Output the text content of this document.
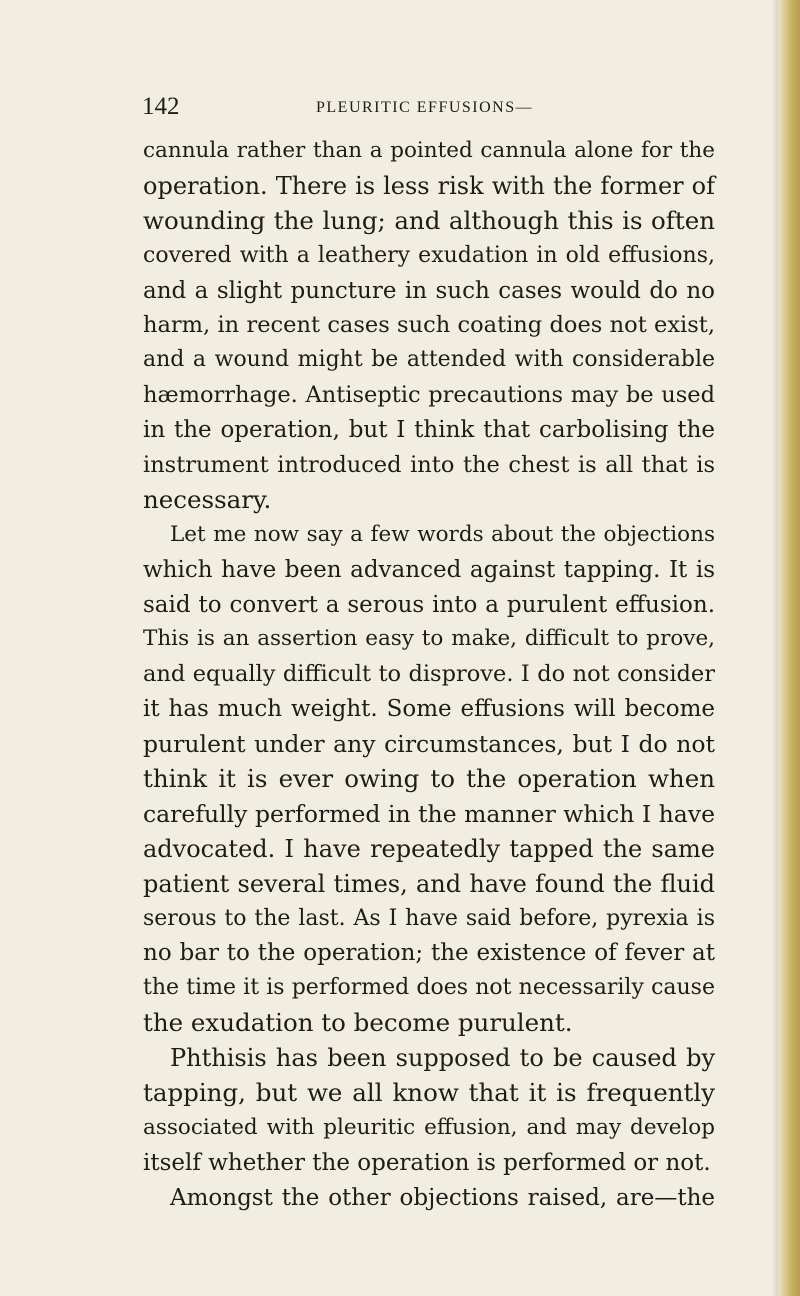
142	PLEURITIC EFFUSIONS—
cannula rather than a pointed cannula alone for the
operation. There is less risk with the former of
wounding the lung; and although this is often
covered with a leathery exudation in old effusions,
and a slight puncture in such cases would do no
harm, in recent cases such coating does not exist,
and a wound might be attended with considerable
hæmorrhage. Antiseptic precautions may be used
in the operation, but I think that carbolising the
instrument introduced into the chest is all that is
necessary.
Let me now say a few words about the objections
which have been advanced against tapping. It is
said to convert a serous into a purulent effusion.
This is an assertion easy to make, difficult to prove,
and equally difficult to disprove. I do not consider
it has much weight. Some effusions will become
purulent under any circumstances, but I do not
think it is ever owing to the operation when
carefully performed in the manner which I have
advocated. I have repeatedly tapped the same
patient several times, and have found the fluid
serous to the last. As I have said before, pyrexia is
no bar to the operation; the existence of fever at
the time it is performed does not necessarily cause
the exudation to become purulent.
Phthisis has been supposed to be caused by
tapping, but we all know that it is frequently
associated with pleuritic effusion, and may develop
itself whether the operation is performed or not.
Amongst the other objections raised, are—the
